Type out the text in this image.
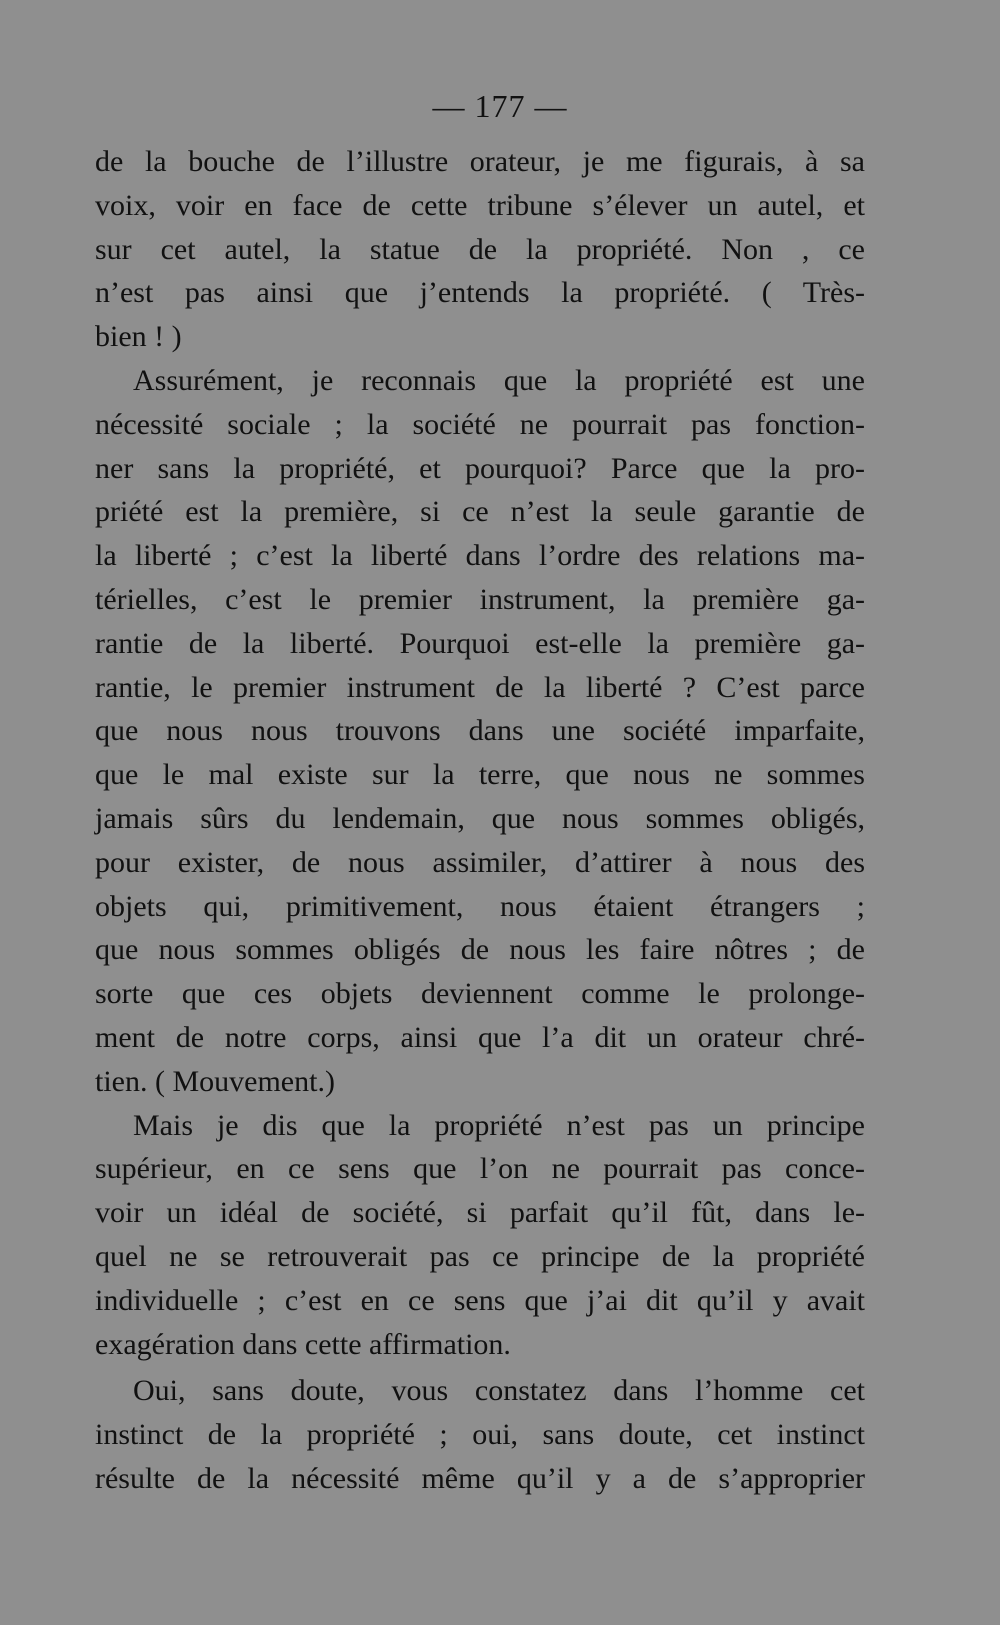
— 177 —
de la bouche de l’illustre orateur, je me figurais, à sa
voix, voir en face de cette tribune s’élever un autel, et
sur cet autel, la statue de la propriété. Non , ce
n’est pas ainsi que j’entends la propriété. ( Très-
bien ! )
Assurément, je reconnais que la propriété est une
nécessité sociale ; la société ne pourrait pas fonction-
ner sans la propriété, et pourquoi? Parce que la pro-
priété est la première, si ce n’est la seule garantie de
la liberté ; c’est la liberté dans l’ordre des relations ma-
térielles, c’est le premier instrument, la première ga-
rantie de la liberté. Pourquoi est-elle la première ga-
rantie, le premier instrument de la liberté ? C’est parce
que nous nous trouvons dans une société imparfaite,
que le mal existe sur la terre, que nous ne sommes
jamais sûrs du lendemain, que nous sommes obligés,
pour exister, de nous assimiler, d’attirer à nous des
objets qui, primitivement, nous étaient étrangers ;
que nous sommes obligés de nous les faire nôtres ; de
sorte que ces objets deviennent comme le prolonge-
ment de notre corps, ainsi que l’a dit un orateur chré-
tien. ( Mouvement.)
Mais je dis que la propriété n’est pas un principe
supérieur, en ce sens que l’on ne pourrait pas conce-
voir un idéal de société, si parfait qu’il fût, dans le-
quel ne se retrouverait pas ce principe de la propriété
individuelle ; c’est en ce sens que j’ai dit qu’il y avait
exagération dans cette affirmation.
Oui, sans doute, vous constatez dans l’homme cet
instinct de la propriété ; oui, sans doute, cet instinct
résulte de la nécessité même qu’il y a de s’approprier
